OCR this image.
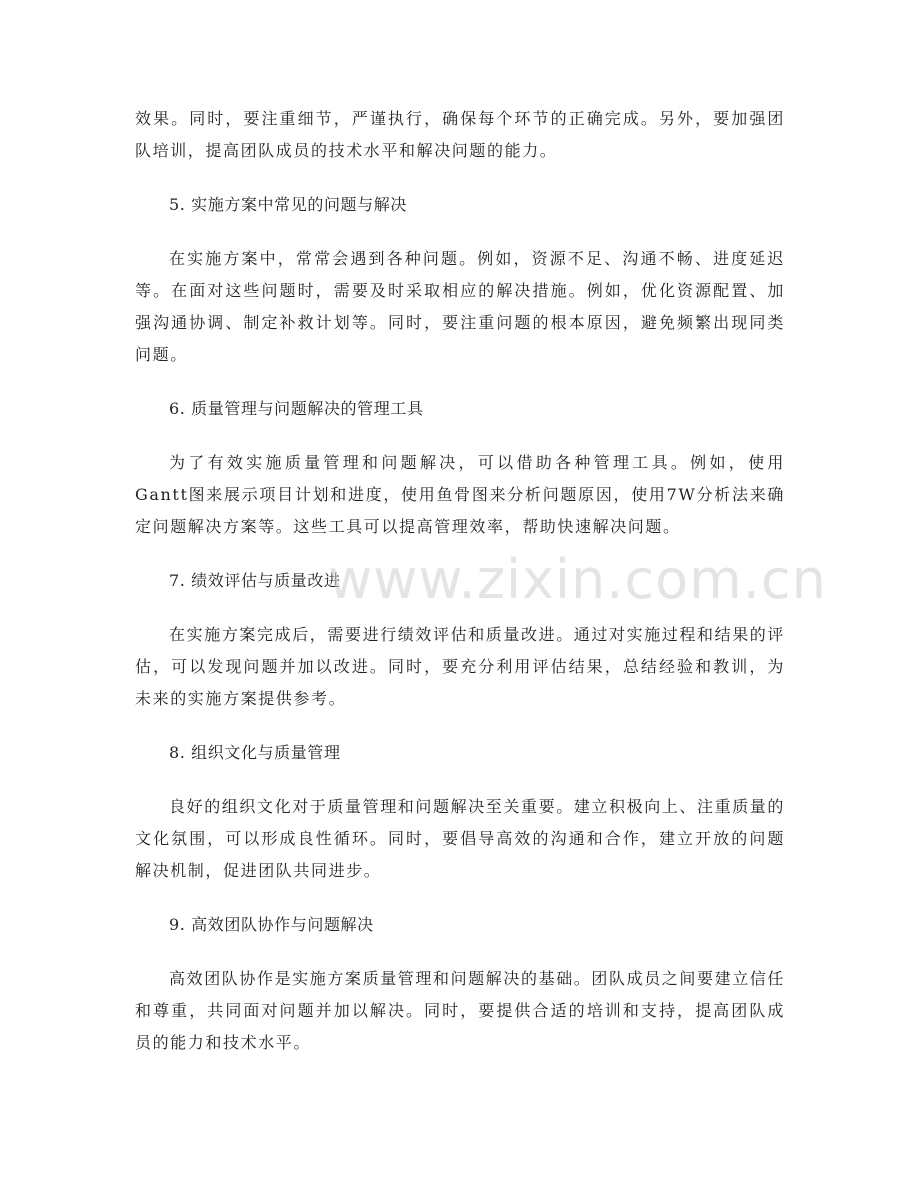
效果。同时，要注重细节，严谨执行，确保每个环节的正确完成。另外，要加强团队培训，提高团队成员的技术水平和解决问题的能力。

5. 实施方案中常见的问题与解决

在实施方案中，常常会遇到各种问题。例如，资源不足、沟通不畅、进度延迟等。在面对这些问题时，需要及时采取相应的解决措施。例如，优化资源配置、加强沟通协调、制定补救计划等。同时，要注重问题的根本原因，避免频繁出现同类问题。

6. 质量管理与问题解决的管理工具

为了有效实施质量管理和问题解决，可以借助各种管理工具。例如，使用Gantt图来展示项目计划和进度，使用鱼骨图来分析问题原因，使用7W分析法来确定问题解决方案等。这些工具可以提高管理效率，帮助快速解决问题。

7. 绩效评估与质量改进

在实施方案完成后，需要进行绩效评估和质量改进。通过对实施过程和结果的评估，可以发现问题并加以改进。同时，要充分利用评估结果，总结经验和教训，为未来的实施方案提供参考。

8. 组织文化与质量管理

良好的组织文化对于质量管理和问题解决至关重要。建立积极向上、注重质量的文化氛围，可以形成良性循环。同时，要倡导高效的沟通和合作，建立开放的问题解决机制，促进团队共同进步。

9. 高效团队协作与问题解决

高效团队协作是实施方案质量管理和问题解决的基础。团队成员之间要建立信任和尊重，共同面对问题并加以解决。同时，要提供合适的培训和支持，提高团队成员的能力和技术水平。

www.zixin.com.cn
